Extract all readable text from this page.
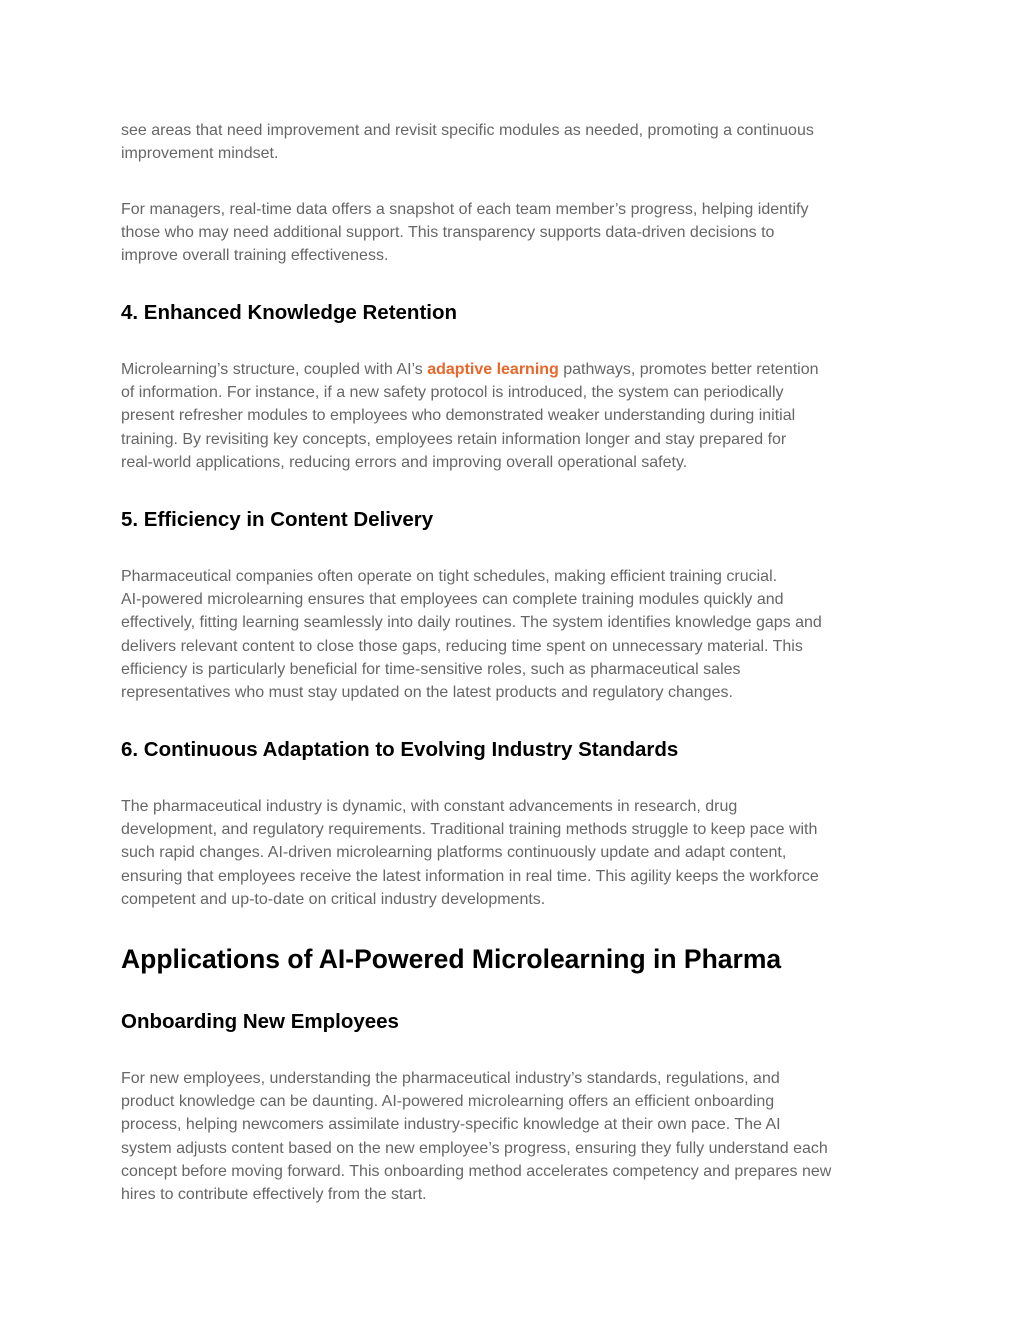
see areas that need improvement and revisit specific modules as needed, promoting a continuous
improvement mindset.

For managers, real-time data offers a snapshot of each team member’s progress, helping identify
those who may need additional support. This transparency supports data-driven decisions to
improve overall training effectiveness.

4. Enhanced Knowledge Retention

Microlearning’s structure, coupled with AI’s adaptive learning pathways, promotes better retention
of information. For instance, if a new safety protocol is introduced, the system can periodically
present refresher modules to employees who demonstrated weaker understanding during initial
training. By revisiting key concepts, employees retain information longer and stay prepared for
real-world applications, reducing errors and improving overall operational safety.

5. Efficiency in Content Delivery

Pharmaceutical companies often operate on tight schedules, making efficient training crucial.
AI-powered microlearning ensures that employees can complete training modules quickly and
effectively, fitting learning seamlessly into daily routines. The system identifies knowledge gaps and
delivers relevant content to close those gaps, reducing time spent on unnecessary material. This
efficiency is particularly beneficial for time-sensitive roles, such as pharmaceutical sales
representatives who must stay updated on the latest products and regulatory changes.

6. Continuous Adaptation to Evolving Industry Standards

The pharmaceutical industry is dynamic, with constant advancements in research, drug
development, and regulatory requirements. Traditional training methods struggle to keep pace with
such rapid changes. AI-driven microlearning platforms continuously update and adapt content,
ensuring that employees receive the latest information in real time. This agility keeps the workforce
competent and up-to-date on critical industry developments.

Applications of AI-Powered Microlearning in Pharma
Onboarding New Employees

For new employees, understanding the pharmaceutical industry’s standards, regulations, and
product knowledge can be daunting. AI-powered microlearning offers an efficient onboarding
process, helping newcomers assimilate industry-specific knowledge at their own pace. The AI
system adjusts content based on the new employee’s progress, ensuring they fully understand each
concept before moving forward. This onboarding method accelerates competency and prepares new
hires to contribute effectively from the start.
